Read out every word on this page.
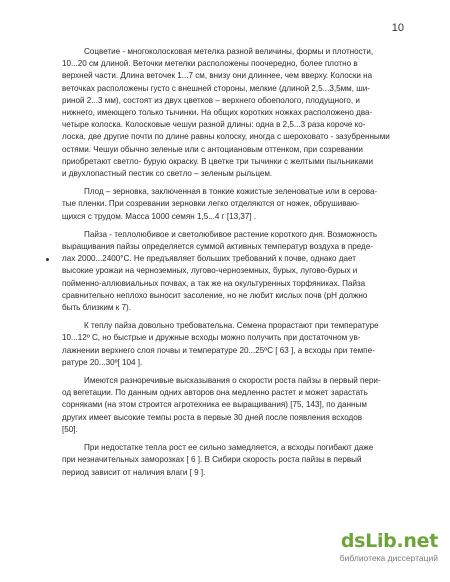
10

Соцветие - многоколосковая метелка разной величины, формы и плотности,
10...20 см длиной. Веточки метелки расположены поочередно, более плотно в
верхней части. Длина веточек 1...7 см, внизу они длиннее, чем вверху. Колоски на
веточках расположены густо с внешней стороны, мелкие (длиной 2,5...3,5мм, ши-
риной 2...3 мм), состоят из двух цветков – верхнего обоеполого, плодущного, и
нижнего, имеющего только тычинки. На общих коротких ножках расположено два-
четыре колоска. Колосковые чешуи разной длины: одна в 2,5...3 раза короче ко-
лоска, две другие почти по длине равны колоску, иногда с шероховато - зазубренными
остями. Чешуи обычно зеленые или с антоциановым оттенком, при созревании
приобретают светло- бурую окраску. В цветке три тычинки с желтыми пыльниками
и двухлопастный пестик со светло – зеленым рыльцем.

Плод – зерновка, заключенная в тонкие кожистые зеленоватые или в серова-
тые пленки. При созревании зерновки легко отделяются от ножек, обрушиваю-
щихся с трудом. Масса 1000 семян 1,5...4 г [13,37] .

Пайза - теплолюбивое и светолюбивое растение короткого дня. Возможность
выращивания пайзы определяется суммой активных температур воздуха в преде-
лах 2000...2400°С. Не предъявляет больших требований к почве, однако дает
высокие урожаи на черноземных, лугово-черноземных, бурых, лугово-бурых и
пойменно-аллювиальных почвах, а так же на окультуренных торфяниках. Пайза
сравнительно неплохо выносит засоление, но не любит кислых почв (рН должно
быть близким к 7).

К теплу пайза довольно требовательна. Семена прорастают при температуре
10...12º С, но быстрые и дружные всходы можно получить при достаточном ув-
лажнении верхнего слоя почвы и температуре 20...25ºС [ 63 ], а всходы при темпе-
ратуре 20...30º[ 104 ].

Имеются разноречивые высказывания о скорости роста пайзы в первый пери-
од вегетации. По данным одних авторов она медленно растет и может зарастать
сорняками (на этом строится агротехника ее выращивания) [75, 143], по данным
других имеет высокие темпы роста в первые 30 дней после появления всходов
[50].

При недостатке тепла рост ее сильно замедляется, а всходы погибают даже
при незначительных заморозках [ 6 ]. В Сибири скорость роста пайзы в первый
период зависит от наличия влаги [ 9 ].

dsLib.net
библиотека диссертаций
